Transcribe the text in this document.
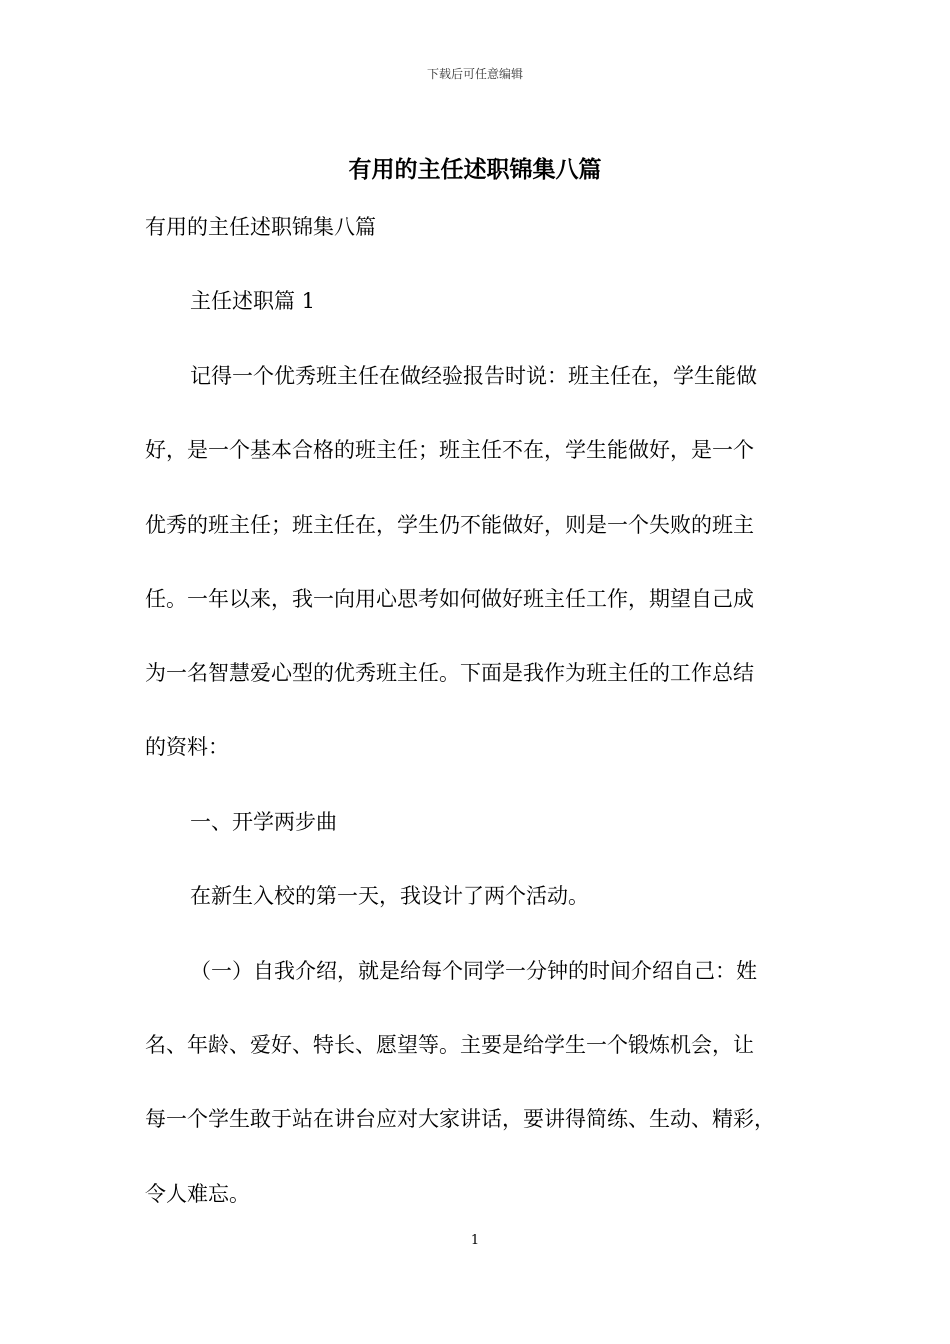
下载后可任意编辑
有用的主任述职锦集八篇

有用的主任述职锦集八篇

主任述职篇 1

记得一个优秀班主任在做经验报告时说：班主任在，学生能做

好，是一个基本合格的班主任；班主任不在，学生能做好，是一个

优秀的班主任；班主任在，学生仍不能做好，则是一个失败的班主

任。一年以来，我一向用心思考如何做好班主任工作，期望自己成

为一名智慧爱心型的优秀班主任。下面是我作为班主任的工作总结

的资料：

一、开学两步曲

在新生入校的第一天，我设计了两个活动。

（一）自我介绍，就是给每个同学一分钟的时间介绍自己：姓

名、年龄、爱好、特长、愿望等。主要是给学生一个锻炼机会，让

每一个学生敢于站在讲台应对大家讲话，要讲得简练、生动、精彩，

令人难忘。

1
